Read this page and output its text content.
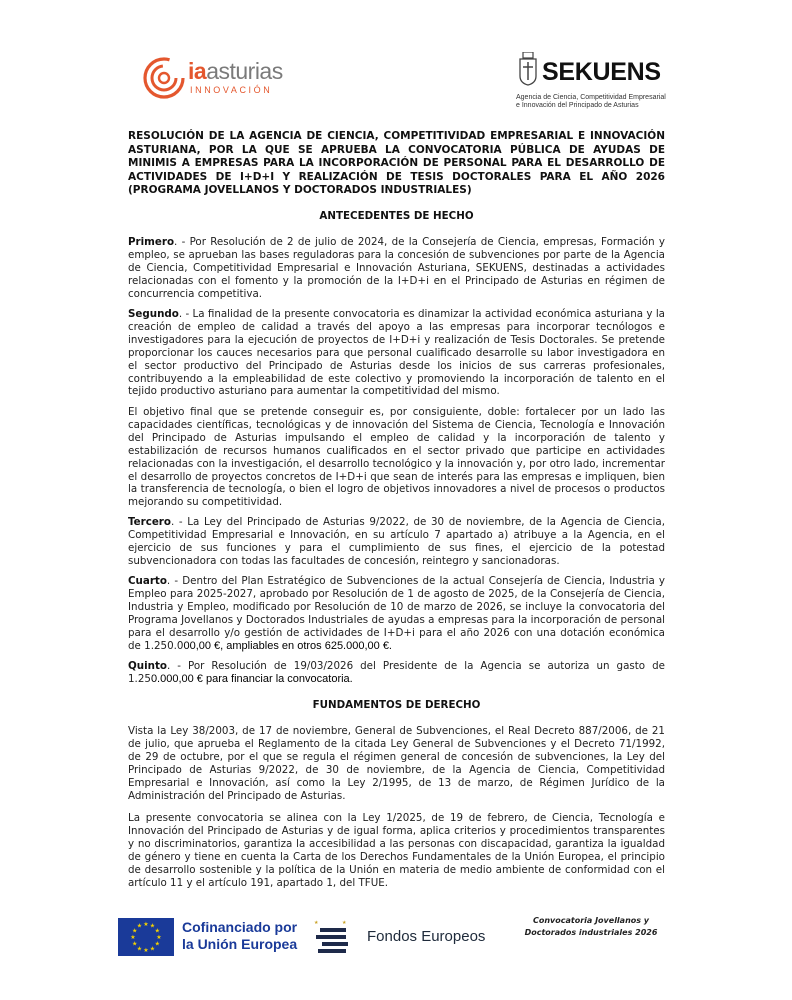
iaasturias
INNOVACIÓN
SEKUENS
Agencia de Ciencia, Competitividad Empresarial
e Innovación del Principado de Asturias
RESOLUCIÓN DE LA AGENCIA DE CIENCIA, COMPETITIVIDAD EMPRESARIAL E INNOVACIÓN ASTURIANA, POR LA QUE SE APRUEBA LA CONVOCATORIA PÚBLICA DE AYUDAS DE MINIMIS A EMPRESAS PARA LA INCORPORACIÓN DE PERSONAL PARA EL DESARROLLO DE ACTIVIDADES DE I+D+I Y REALIZACIÓN DE TESIS DOCTORALES PARA EL AÑO 2026 (PROGRAMA JOVELLANOS Y DOCTORADOS INDUSTRIALES)
ANTECEDENTES DE HECHO

Primero. - Por Resolución de 2 de julio de 2024, de la Consejería de Ciencia, empresas, Formación y empleo, se aprueban las bases reguladoras para la concesión de subvenciones por parte de la Agencia de Ciencia, Competitividad Empresarial e Innovación Asturiana, SEKUENS, destinadas a actividades relacionadas con el fomento y la promoción de la I+D+i en el Principado de Asturias en régimen de concurrencia competitiva.

Segundo. - La finalidad de la presente convocatoria es dinamizar la actividad económica asturiana y la creación de empleo de calidad a través del apoyo a las empresas para incorporar tecnólogos e investigadores para la ejecución de proyectos de I+D+i y realización de Tesis Doctorales. Se pretende proporcionar los cauces necesarios para que personal cualificado desarrolle su labor investigadora en el sector productivo del Principado de Asturias desde los inicios de sus carreras profesionales, contribuyendo a la empleabilidad de este colectivo y promoviendo la incorporación de talento en el tejido productivo asturiano para aumentar la competitividad del mismo.

El objetivo final que se pretende conseguir es, por consiguiente, doble: fortalecer por un lado las capacidades científicas, tecnológicas y de innovación del Sistema de Ciencia, Tecnología e Innovación del Principado de Asturias impulsando el empleo de calidad y la incorporación de talento y estabilización de recursos humanos cualificados en el sector privado que participe en actividades relacionadas con la investigación, el desarrollo tecnológico y la innovación y, por otro lado, incrementar el desarrollo de proyectos concretos de I+D+i que sean de interés para las empresas e impliquen, bien la transferencia de tecnología, o bien el logro de objetivos innovadores a nivel de procesos o productos mejorando su competitividad.

Tercero. - La Ley del Principado de Asturias 9/2022, de 30 de noviembre, de la Agencia de Ciencia, Competitividad Empresarial e Innovación, en su artículo 7 apartado a) atribuye a la Agencia, en el ejercicio de sus funciones y para el cumplimiento de sus fines, el ejercicio de la potestad subvencionadora con todas las facultades de concesión, reintegro y sancionadoras.

Cuarto. - Dentro del Plan Estratégico de Subvenciones de la actual Consejería de Ciencia, Industria y Empleo para 2025-2027, aprobado por Resolución de 1 de agosto de 2025, de la Consejería de Ciencia, Industria y Empleo, modificado por Resolución de 10 de marzo de 2026, se incluye la convocatoria del Programa Jovellanos y Doctorados Industriales de ayudas a empresas para la incorporación de personal para el desarrollo y/o gestión de actividades de I+D+i para el año 2026 con una dotación económica de 1.250.000,00 €, ampliables en otros 625.000,00 €.

Quinto. - Por Resolución de 19/03/2026 del Presidente de la Agencia se autoriza un gasto de 1.250.000,00 € para financiar la convocatoria.

FUNDAMENTOS DE DERECHO

Vista la Ley 38/2003, de 17 de noviembre, General de Subvenciones, el Real Decreto 887/2006, de 21 de julio, que aprueba el Reglamento de la citada Ley General de Subvenciones y el Decreto 71/1992, de 29 de octubre, por el que se regula el régimen general de concesión de subvenciones, la Ley del Principado de Asturias 9/2022, de 30 de noviembre, de la Agencia de Ciencia, Competitividad Empresarial e Innovación, así como la Ley 2/1995, de 13 de marzo, de Régimen Jurídico de la Administración del Principado de Asturias.

La presente convocatoria se alinea con la Ley 1/2025, de 19 de febrero, de Ciencia, Tecnología e Innovación del Principado de Asturias y de igual forma, aplica criterios y procedimientos transparentes y no discriminatorios, garantiza la accesibilidad a las personas con discapacidad, garantiza la igualdad de género y tiene en cuenta la Carta de los Derechos Fundamentales de la Unión Europea, el principio de desarrollo sostenible y la política de la Unión en materia de medio ambiente de conformidad con el artículo 11 y el artículo 191, apartado 1, del TFUE.

★ ★
★
★
★
★
★
★
★
★
★
★	Cofinanciado por
la Unión Europea
★	★
Fondos Europeos
Convocatoria Jovellanos y
Doctorados industriales 2026
